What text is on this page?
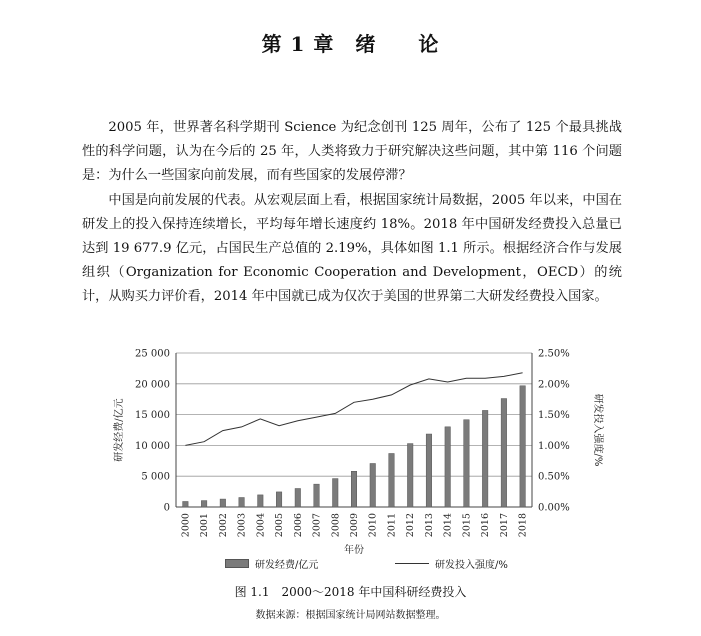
第 1 章　绪　　论

2005 年，世界著名科学期刊 Science 为纪念创刊 125 周年，公布了 125 个最具挑战性的科学问题，认为在今后的 25 年，人类将致力于研究解决这些问题，其中第 116 个问题是：为什么一些国家向前发展，而有些国家的发展停滞？

中国是向前发展的代表。从宏观层面上看，根据国家统计局数据，2005 年以来，中国在研发上的投入保持连续增长，平均每年增长速度约 18%。2018 年中国研发经费投入总量已达到 19 677.9 亿元，占国民生产总值的 2.19%，具体如图 1.1 所示。根据经济合作与发展组织（Organization for Economic Cooperation and Development，OECD）的统计，从购买力评价看，2014 年中国就已成为仅次于美国的世界第二大研发经费投入国家。

0	0.00%
5 000	0.50%
10 000	1.00%
15 000	1.50%
20 000	2.00%
25 000	2.50%
2000 2001 2002 2003 2004 2005 2006 2007 2008 2009 2010 2011 2012 2013 2014 2015 2016 2017 2018
年份
研发经费/亿元	研发投入强度/%
研发经费/亿元	研发投入强度/%
图 1.1　2000～2018 年中国科研经费投入
数据来源：根据国家统计局网站数据整理。
